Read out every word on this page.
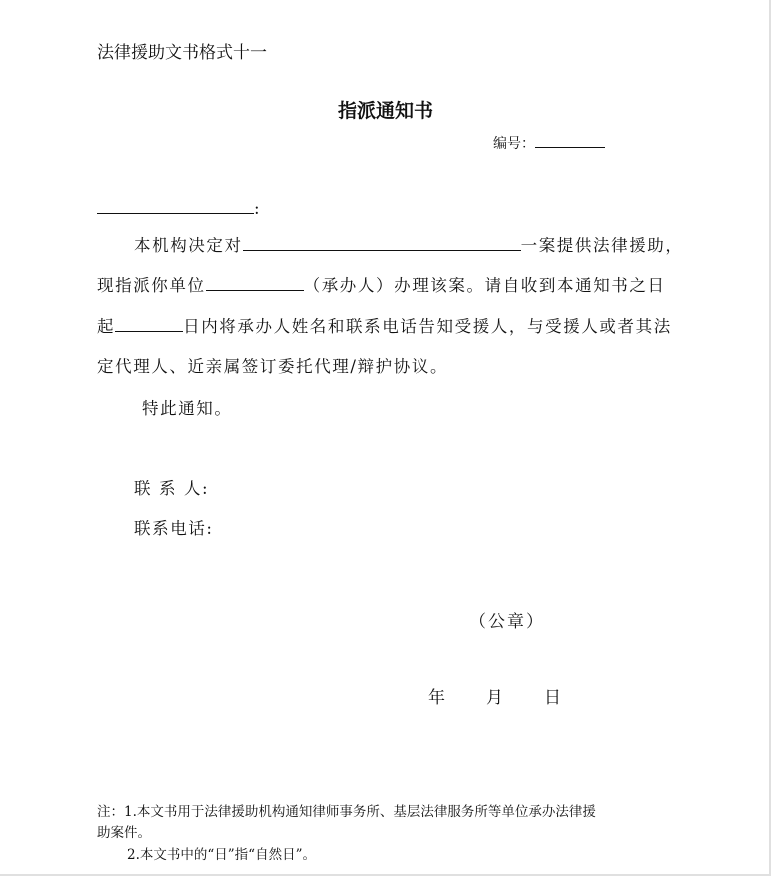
法律援助文书格式十一
指派通知书
编号：
:
本机构决定对	一案提供法律援助，
现指派你单位	（承办人）办理该案。请自收到本通知书之日
起	日内将承办人姓名和联系电话告知受援人，与受援人或者其法
定代理人、近亲属签订委托代理/辩护协议。
特此通知。
联 系 人:
联系电话:
（公章）
年 月 日
注：1.本文书用于法律援助机构通知律师事务所、基层法律服务所等单位承办法律援
助案件。
2.本文书中的“日”指“自然日”。
